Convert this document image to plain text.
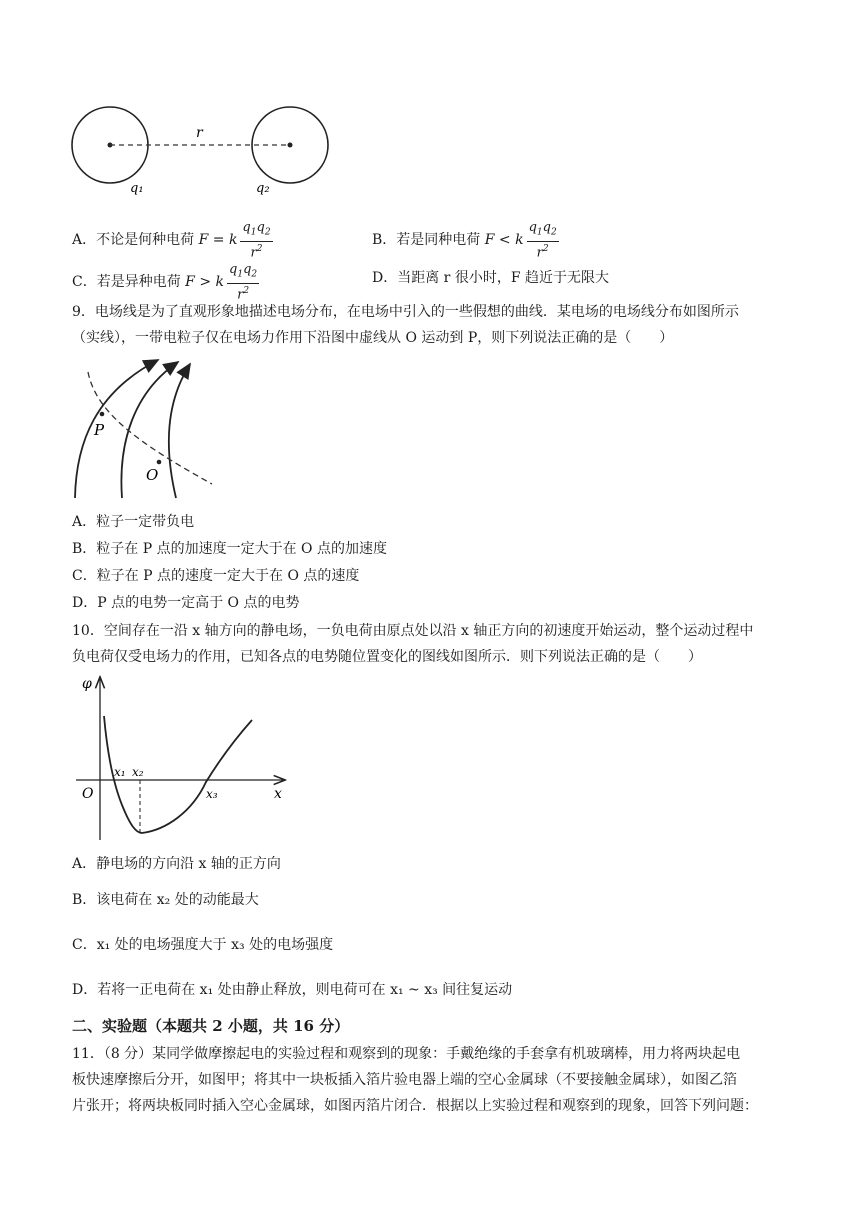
r
q₁	q₂
A．不论是何种电荷 F = k $\frac{q_1q_2}{r^2}$	B．若是同种电荷 F < k $\frac{q_1q_2}{r^2}$
C．若是异种电荷 F > k $\frac{q_1q_2}{r^2}$	D．当距离 r 很小时，F 趋近于无限大
9．电场线是为了直观形象地描述电场分布，在电场中引入的一些假想的曲线．某电场的电场线分布如图所示
（实线），一带电粒子仅在电场力作用下沿图中虚线从 O 运动到 P，则下列说法正确的是（　　）
P
O
A．粒子一定带负电
B．粒子在 P 点的加速度一定大于在 O 点的加速度
C．粒子在 P 点的速度一定大于在 O 点的速度
D．P 点的电势一定高于 O 点的电势
10．空间存在一沿 x 轴方向的静电场，一负电荷由原点处以沿 x 轴正方向的初速度开始运动，整个运动过程中
负电荷仅受电场力的作用，已知各点的电势随位置变化的图线如图所示．则下列说法正确的是（　　）
φ
O	x
x₁ x₂
x₃
A．静电场的方向沿 x 轴的正方向
B．该电荷在 x₂ 处的动能最大
C．x₁ 处的电场强度大于 x₃ 处的电场强度
D．若将一正电荷在 x₁ 处由静止释放，则电荷可在 x₁ ~ x₃ 间往复运动
二、实验题（本题共 2 小题，共 16 分）
11．（8 分）某同学做摩擦起电的实验过程和观察到的现象：手戴绝缘的手套拿有机玻璃棒，用力将两块起电
板快速摩擦后分开，如图甲；将其中一块板插入箔片验电器上端的空心金属球（不要接触金属球），如图乙箔
片张开；将两块板同时插入空心金属球，如图丙箔片闭合．根据以上实验过程和观察到的现象，回答下列问题：
